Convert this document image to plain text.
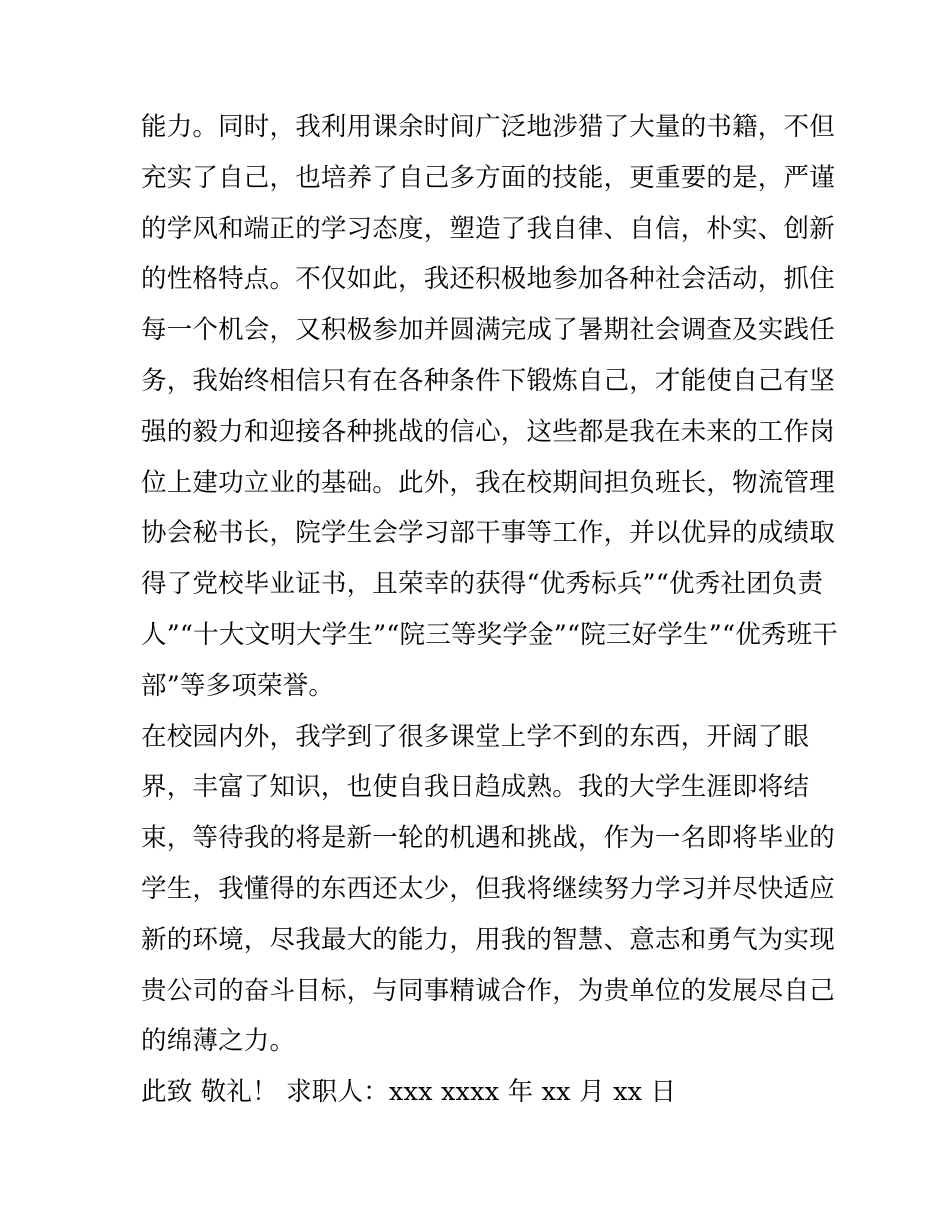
能力。同时，我利用课余时间广泛地涉猎了大量的书籍，不但
充实了自己，也培养了自己多方面的技能，更重要的是，严谨
的学风和端正的学习态度，塑造了我自律、自信，朴实、创新
的性格特点。不仅如此，我还积极地参加各种社会活动，抓住
每一个机会，又积极参加并圆满完成了暑期社会调查及实践任
务，我始终相信只有在各种条件下锻炼自己，才能使自己有坚
强的毅力和迎接各种挑战的信心，这些都是我在未来的工作岗
位上建功立业的基础。此外，我在校期间担负班长，物流管理
协会秘书长，院学生会学习部干事等工作，并以优异的成绩取
得了党校毕业证书，且荣幸的获得“优秀标兵”“优秀社团负责
人”“十大文明大学生”“院三等奖学金”“院三好学生”“优秀班干
部”等多项荣誉。
在校园内外，我学到了很多课堂上学不到的东西，开阔了眼
界，丰富了知识，也使自我日趋成熟。我的大学生涯即将结
束，等待我的将是新一轮的机遇和挑战，作为一名即将毕业的
学生，我懂得的东西还太少，但我将继续努力学习并尽快适应
新的环境，尽我最大的能力，用我的智慧、意志和勇气为实现
贵公司的奋斗目标，与同事精诚合作，为贵单位的发展尽自己
的绵薄之力。
此致 敬礼！ 求职人：xxx xxxx 年 xx 月 xx 日
